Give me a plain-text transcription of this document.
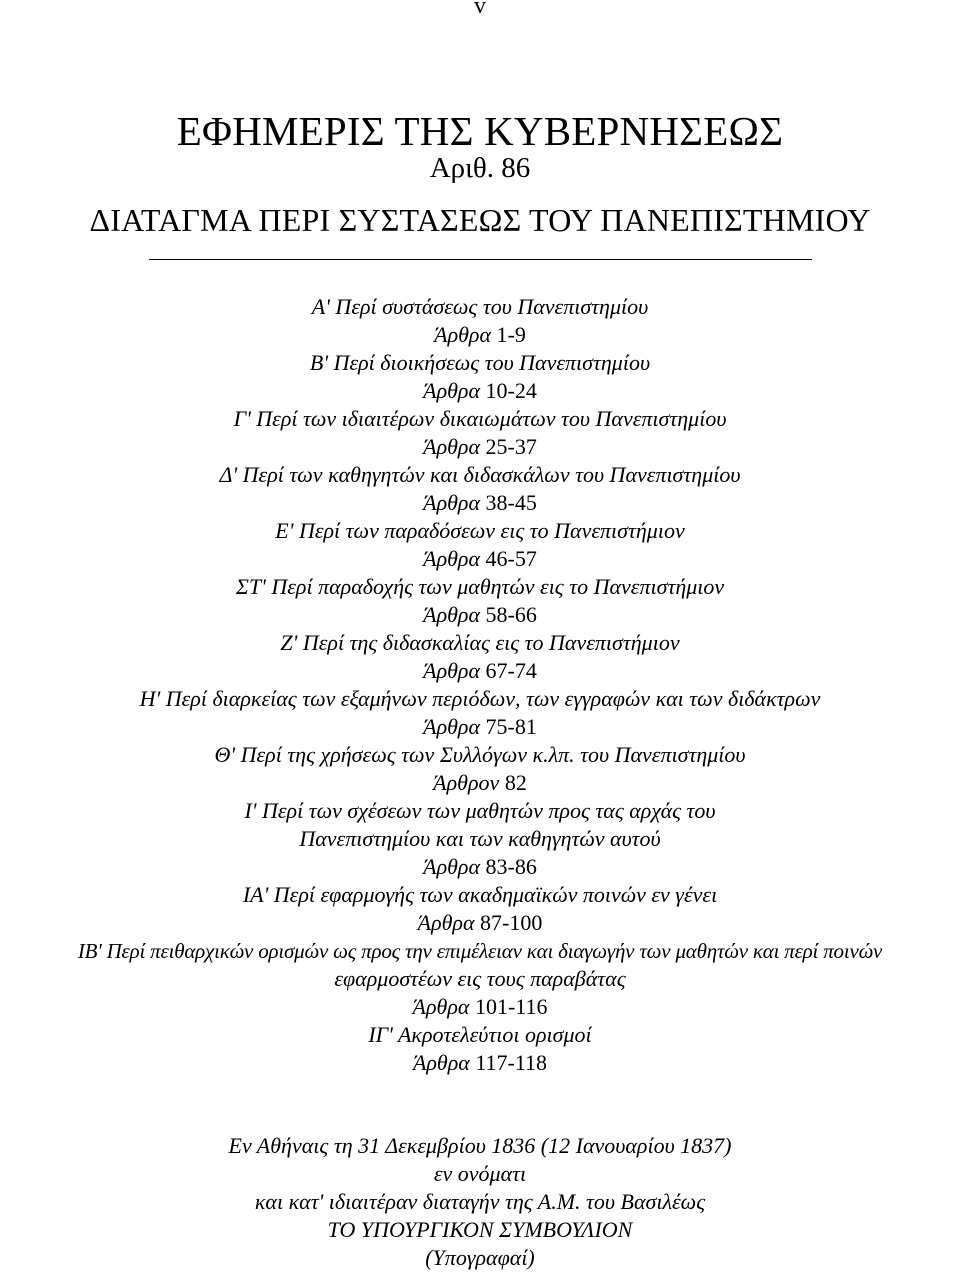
v
ΕΦΗΜΕΡΙΣ ΤΗΣ ΚΥΒΕΡΝΗΣΕΩΣ
Αριθ. 86
ΔΙΑΤΑΓΜΑ ΠΕΡΙ ΣΥΣΤΑΣΕΩΣ ΤΟΥ ΠΑΝΕΠΙΣΤΗΜΙΟΥ
Α' Περί συστάσεως του Πανεπιστημίου
Άρθρα 1-9
Β' Περί διοικήσεως του Πανεπιστημίου
Άρθρα 10-24
Γ' Περί των ιδιαιτέρων δικαιωμάτων του Πανεπιστημίου
Άρθρα 25-37
Δ' Περί των καθηγητών και διδασκάλων του Πανεπιστημίου
Άρθρα 38-45
Ε' Περί των παραδόσεων εις το Πανεπιστήμιον
Άρθρα 46-57
ΣΤ' Περί παραδοχής των μαθητών εις το Πανεπιστήμιον
Άρθρα 58-66
Ζ' Περί της διδασκαλίας εις το Πανεπιστήμιον
Άρθρα 67-74
Η' Περί διαρκείας των εξαμήνων περιόδων, των εγγραφών και των διδάκτρων
Άρθρα 75-81
Θ' Περί της χρήσεως των Συλλόγων κ.λπ. του Πανεπιστημίου
Άρθρον 82
Ι' Περί των σχέσεων των μαθητών προς τας αρχάς του
Πανεπιστημίου και των καθηγητών αυτού
Άρθρα 83-86
ΙΑ' Περί εφαρμογής των ακαδημαϊκών ποινών εν γένει
Άρθρα 87-100
ΙΒ' Περί πειθαρχικών ορισμών ως προς την επιμέλειαν και διαγωγήν των μαθητών και περί ποινών
εφαρμοστέων εις τους παραβάτας
Άρθρα 101-116
ΙΓ' Ακροτελεύτιοι ορισμοί
Άρθρα 117-118
Εν Αθήναις τη 31 Δεκεμβρίου 1836 (12 Ιανουαρίου 1837)
εν ονόματι
και κατ' ιδιαιτέραν διαταγήν της Α.Μ. του Βασιλέως
ΤΟ ΥΠΟΥΡΓΙΚΟΝ ΣΥΜΒΟΥΛΙΟΝ
(Υπογραφαί)
